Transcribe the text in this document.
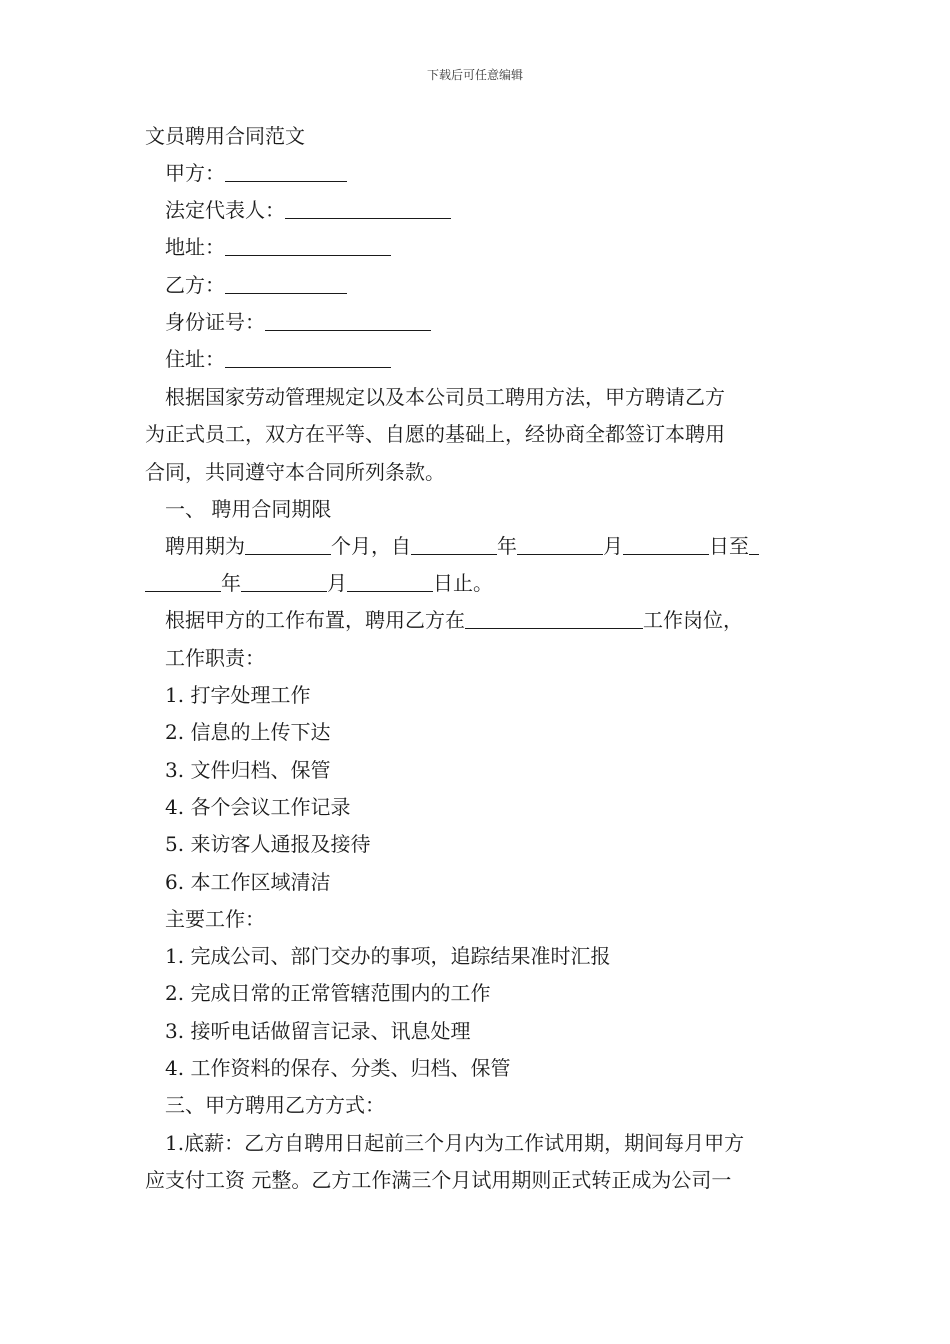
下载后可任意编辑
文员聘用合同范文
甲方：
法定代表人：
地址：
乙方：
身份证号：
住址：
根据国家劳动管理规定以及本公司员工聘用方法，甲方聘请乙方
为正式员工，双方在平等、自愿的基础上，经协商全都签订本聘用
合同，共同遵守本合同所列条款。
一、 聘用合同期限
聘用期为	个月，自	年	月	日至
年	月	日止。
根据甲方的工作布置，聘用乙方在	工作岗位，
工作职责：
1. 打字处理工作
2. 信息的上传下达
3. 文件归档、保管
4. 各个会议工作记录
5. 来访客人通报及接待
6. 本工作区域清洁
主要工作：
1. 完成公司、部门交办的事项，追踪结果准时汇报
2. 完成日常的正常管辖范围内的工作
3. 接听电话做留言记录、讯息处理
4. 工作资料的保存、分类、归档、保管
三、甲方聘用乙方方式：
1.底薪：乙方自聘用日起前三个月内为工作试用期，期间每月甲方
应支付工资 元整。乙方工作满三个月试用期则正式转正成为公司一
